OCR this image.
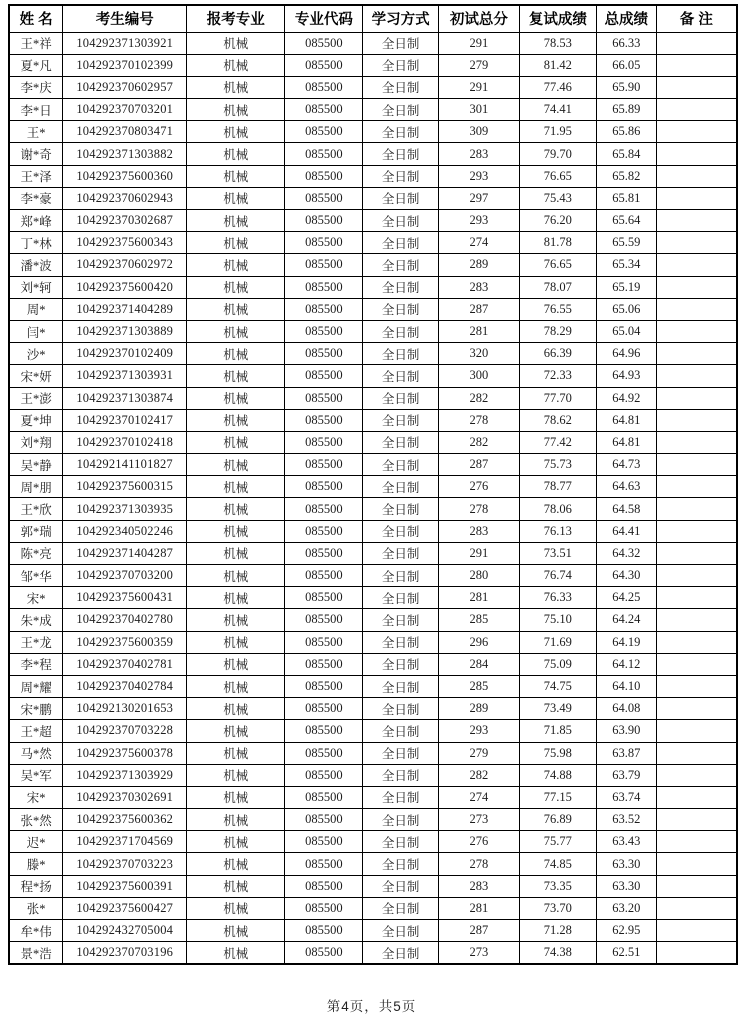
姓 名	考生编号	报考专业	专业代码	学习方式	初试总分	复试成绩	总成绩	备 注
王*祥	104292371303921	机械	085500	全日制	291	78.53	66.33	
夏*凡	104292370102399	机械	085500	全日制	279	81.42	66.05	
李*庆	104292370602957	机械	085500	全日制	291	77.46	65.90	
李*日	104292370703201	机械	085500	全日制	301	74.41	65.89	
王*	104292370803471	机械	085500	全日制	309	71.95	65.86	
谢*奇	104292371303882	机械	085500	全日制	283	79.70	65.84	
王*泽	104292375600360	机械	085500	全日制	293	76.65	65.82	
李*豪	104292370602943	机械	085500	全日制	297	75.43	65.81	
郑*峰	104292370302687	机械	085500	全日制	293	76.20	65.64	
丁*林	104292375600343	机械	085500	全日制	274	81.78	65.59	
潘*波	104292370602972	机械	085500	全日制	289	76.65	65.34	
刘*轲	104292375600420	机械	085500	全日制	283	78.07	65.19	
周*	104292371404289	机械	085500	全日制	287	76.55	65.06	
闫*	104292371303889	机械	085500	全日制	281	78.29	65.04	
沙*	104292370102409	机械	085500	全日制	320	66.39	64.96	
宋*妍	104292371303931	机械	085500	全日制	300	72.33	64.93	
王*澎	104292371303874	机械	085500	全日制	282	77.70	64.92	
夏*坤	104292370102417	机械	085500	全日制	278	78.62	64.81	
刘*翔	104292370102418	机械	085500	全日制	282	77.42	64.81	
吴*静	104292141101827	机械	085500	全日制	287	75.73	64.73	
周*朋	104292375600315	机械	085500	全日制	276	78.77	64.63	
王*欣	104292371303935	机械	085500	全日制	278	78.06	64.58	
郭*瑞	104292340502246	机械	085500	全日制	283	76.13	64.41	
陈*亮	104292371404287	机械	085500	全日制	291	73.51	64.32	
邹*华	104292370703200	机械	085500	全日制	280	76.74	64.30	
宋*	104292375600431	机械	085500	全日制	281	76.33	64.25	
朱*成	104292370402780	机械	085500	全日制	285	75.10	64.24	
王*龙	104292375600359	机械	085500	全日制	296	71.69	64.19	
李*程	104292370402781	机械	085500	全日制	284	75.09	64.12	
周*耀	104292370402784	机械	085500	全日制	285	74.75	64.10	
宋*鹏	104292130201653	机械	085500	全日制	289	73.49	64.08	
王*超	104292370703228	机械	085500	全日制	293	71.85	63.90	
马*然	104292375600378	机械	085500	全日制	279	75.98	63.87	
吴*军	104292371303929	机械	085500	全日制	282	74.88	63.79	
宋*	104292370302691	机械	085500	全日制	274	77.15	63.74	
张*然	104292375600362	机械	085500	全日制	273	76.89	63.52	
迟*	104292371704569	机械	085500	全日制	276	75.77	63.43	
滕*	104292370703223	机械	085500	全日制	278	74.85	63.30	
程*扬	104292375600391	机械	085500	全日制	283	73.35	63.30	
张*	104292375600427	机械	085500	全日制	281	73.70	63.20	
牟*伟	104292432705004	机械	085500	全日制	287	71.28	62.95	
景*浩	104292370703196	机械	085500	全日制	273	74.38	62.51	
第4页，共5页
